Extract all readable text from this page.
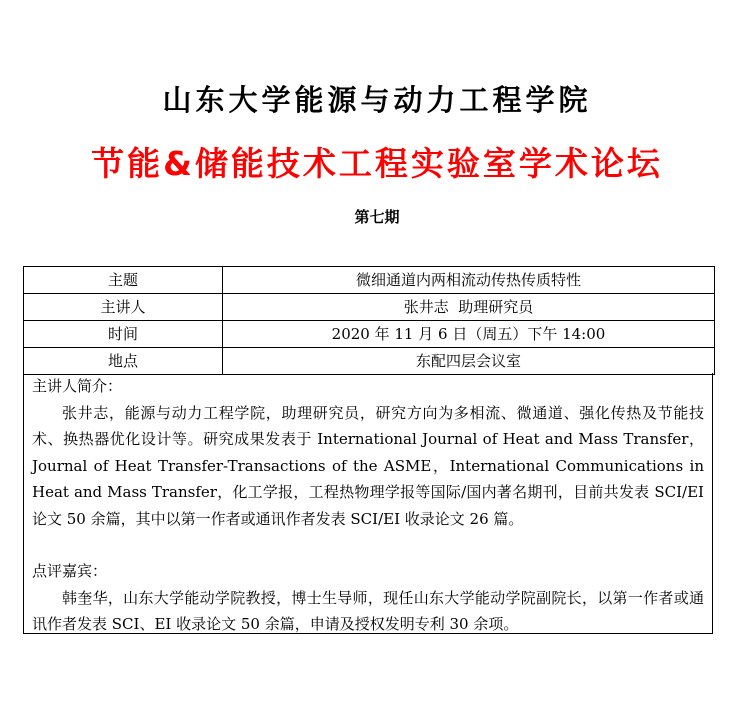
山东大学能源与动力工程学院
节能&储能技术工程实验室学术论坛
第七期
主题	微细通道内两相流动传热传质特性
主讲人	张井志  助理研究员
时间	2020 年 11 月 6 日（周五）下午 14:00
地点	东配四层会议室

主讲人简介：

张井志，能源与动力工程学院，助理研究员，研究方向为多相流、微通道、强化传热及节能技术、换热器优化设计等。研究成果发表于 International Journal of Heat and Mass Transfer，Journal of Heat Transfer-Transactions of the ASME，International Communications in Heat and Mass Transfer，化工学报，工程热物理学报等国际/国内著名期刊，目前共发表 SCI/EI 论文 50 余篇，其中以第一作者或通讯作者发表 SCI/EI 收录论文 26 篇。

点评嘉宾：

韩奎华，山东大学能动学院教授，博士生导师，现任山东大学能动学院副院长，以第一作者或通讯作者发表 SCI、EI 收录论文 50 余篇，申请及授权发明专利 30 余项。
